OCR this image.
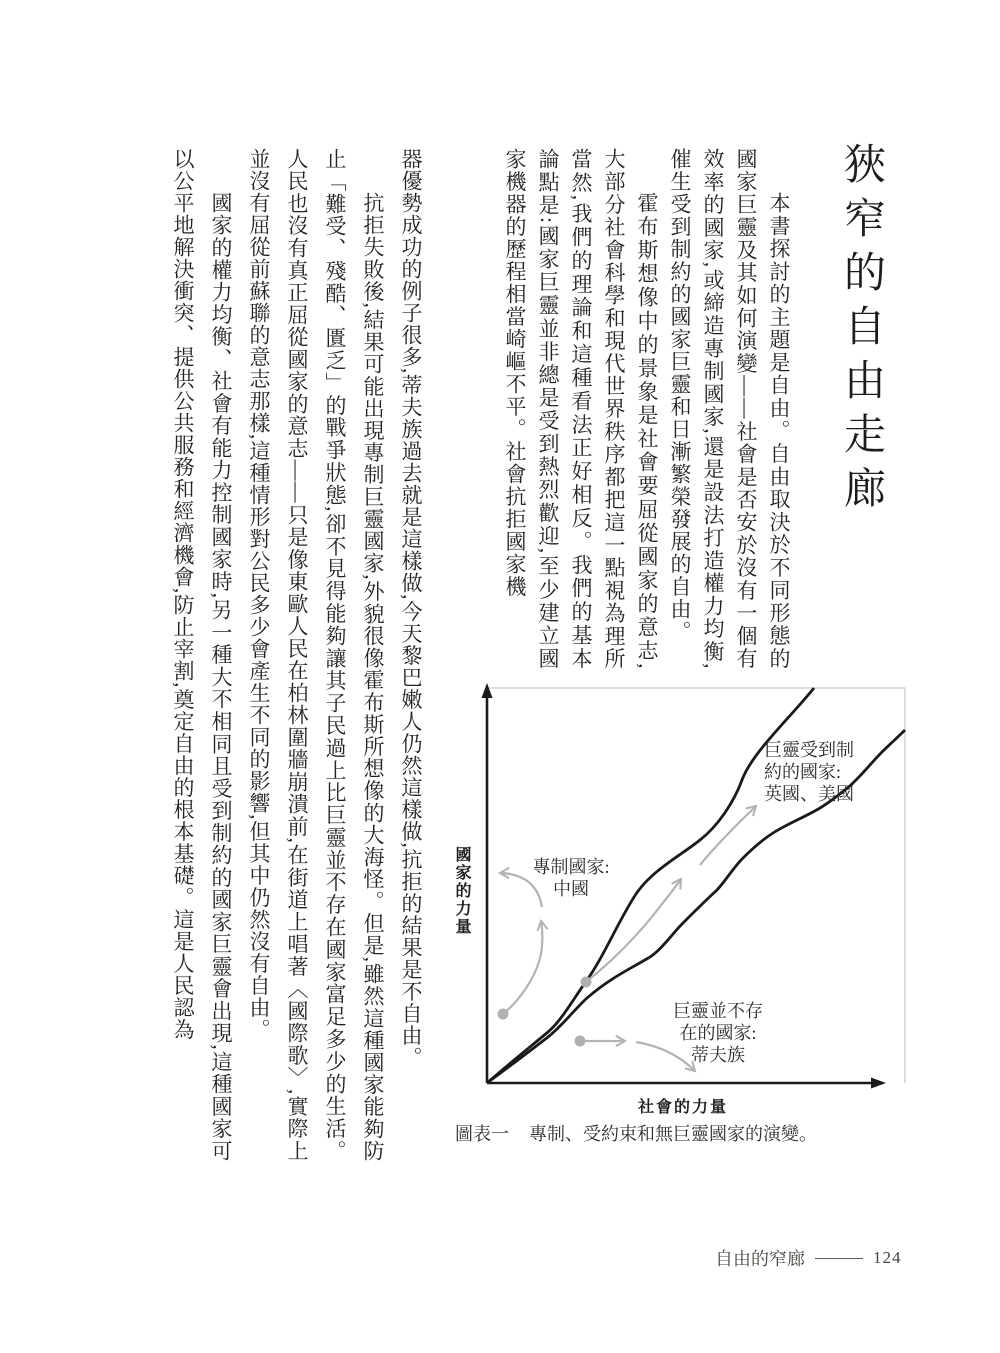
狹窄的自由走廊

本書探討的主題是自由。自由取決於不同形態的國家巨靈及其如何演變——社會是否安於沒有一個有效率的國家,或締造專制國家,還是設法打造權力均衡,催生受到制約的國家巨靈和日漸繁榮發展的自由。

霍布斯想像中的景象是社會要屈從國家的意志,大部分社會科學和現代世界秩序都把這一點視為理所當然,我們的理論和這種看法正好相反。我們的基本論點是:國家巨靈並非總是受到熱烈歡迎,至少建立國家機器的歷程相當崎嶇不平。社會抗拒國家機

器優勢成功的例子很多,蒂夫族過去就是這樣做,今天黎巴嫩人仍然這樣做,抗拒的結果是不自由。

抗拒失敗後,結果可能出現專制巨靈國家,外貌很像霍布斯所想像的大海怪。但是,雖然這種國家能夠防止「難受、殘酷、匱乏」的戰爭狀態,卻不見得能夠讓其子民過上比巨靈並不存在國家富足多少的生活。人民也沒有真正屈從國家的意志——只是像東歐人民在柏林圍牆崩潰前,在街道上唱著〈國際歌〉,實際上並沒有屈從前蘇聯的意志那樣,這種情形對公民多少會產生不同的影響,但其中仍然沒有自由。

國家的權力均衡、社會有能力控制國家時,另一種大不相同且受到制約的國家巨靈會出現,這種國家可以公平地解決衝突、提供公共服務和經濟機會,防止宰割,奠定自由的根本基礎。這是人民認為	國家的力量
社會的力量
巨靈受到制
約的國家:
英國、美國
專制國家:
中國
巨靈並不存
在的國家:
蒂夫族
圖表一 專制、受約束和無巨靈國家的演變。
自由的窄廊	124
